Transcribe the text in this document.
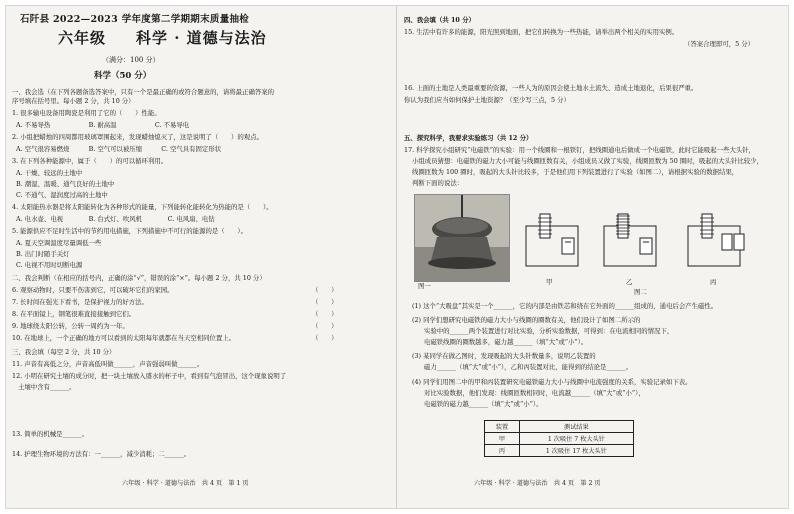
石阡县 2022—2023 学年度第二学期期末质量抽检
六年级 科学 · 道德与法治
（满分：100 分）
科学（50 分）
一、我会选（在下列各题备选答案中，只有一个是最正确的或符合题意的，请将最正确答案的
序号填在括号里。每小题 2 分，共 10 分）
1. 很多输电设备用陶瓷是利用了它的（　　）性能。
A. 不易导热　　　　　　B. 耐高温　　　　　　C. 不易导电
2. 小组把蜡烛的四周都用玻璃罩围起来，发现蜡烛熄灭了，这是说明了（　　）的观点。
A. 空气很容易燃烧　　　B. 空气可以被压缩　　　C. 空气具有固定形状
3. 在下列各种能源中，属于（　　）的可以循环利用。
A. 干燥、较远的土地中
B. 潮湿、温暖、通气良好的土地中
C. 不通气、湿润度过高的土地中
4. 太阳能热水器是将太阳能转化为各种形式的能量，下列能转化能转化为热能的是（　　）。
A. 电水壶、电视　　　　B. 台式灯、吹风机　　　　C. 电风扇、电钻
5. 能源供应不足时生活中的节约用电措施，下列措施中不可行的能源的是（　　）。
A. 夏天空调温度尽量调低一些
B. 出门时随手关灯
C. 电视不用时切断电源
二、我会判断（在相应的括号内，正确的涂“√”，错误的涂“×”。每小题 2 分，共 10 分）
6. 观察动物时，只要不伤害到它，可以破坏它们的家园。
7. 长时间在强光下看书，是保护视力的好方法。
8. 在平面镜上，钢笔很难直接接触到它们。
9. 地球绕太阳公转，公转一周约为一年。
10. 在地球上，一个正确的地方可以看到的太阳每年就都在当天空相同位置上。
（　　）
（　　）
（　　）
（　　）
（　　）
三、我会填（每空 2 分，共 10 分）
11. 声音有高低之分，声音高低叫做______，声音强弱叫做______。
12. 小明在研究土壤的成分时，把一块土壤放入盛水的杯子中，看到有气泡冒出，这个现象说明了
土壤中含有______。
13. 简单的机械是______。
14. 护理生物环境的方法有：一______，减少消耗；二______。
六年级 · 科学 · 道德与法治　共 4 页　第 1 页
四、我会填（共 10 分）
15. 生活中有许多的能源，阳光照到地面，把它们转换为一些热能，请举出两个相关的实用实例。
（答案合理即可，5 分）
16. 上面的土地是人类最重要的资源，一些人为的原因会使土地水土流失、造成土地退化，后果很严重。
你认为我们应当如何保护土地资源？（至少写三点，5 分）
五、探究科学，我要求实验练习（共 12 分）
17. 科学探究小组研究“电磁铁”的实验：用一个线圈和一根铁钉，把线圈通电后做成一个电磁铁，此时它能吸起一些大头针，
小组成员猜想：电磁铁的磁力大小可能与线圈匝数有关，小组成员又做了实验，线圈匝数为 50 圈时，吸起的大头针比较少，
线圈匝数为 100 圈时，吸起的大头针比较多，于是他们用下列装置进行了实验（如图二），请根据实验的数据结果，
判断下面的说法：
图一	甲	乙	丙
图二
(1) 这个“大吸盘”其实是一个______，它的内部是由铁芯和绕在它外面的______组成的，通电后会产生磁性。
(2) 同学们想研究电磁铁的磁力大小与线圈的圈数有关，他们设计了如图二所示的
实验中的______两个装置进行对比实验，分析实验数据，可得到：在电流相同的情况下，
电磁铁线圈的圈数越多，磁力越______（填“大”或“小”）。
(3) 某同学在做乙图时，发现吸起的大头针数量多，说明乙装置的
磁力______（填“大”或“小”），乙和丙装置对比，能得到的结论是______。
(4) 同学们用图二中的甲和丙装置研究电磁铁磁力大小与线圈中电流强度的关系，实验记录如下表。
对比实验数据，他们发现：线圈匝数相同时，电流越______（填“大”或“小”），
电磁铁的磁力越______（填“大”或“小”）。
装置	测试结果
甲	1 次吸住 7 枚大头针
丙	1 次吸住 17 枚大头针
六年级 · 科学 · 道德与法治　共 4 页　第 2 页
